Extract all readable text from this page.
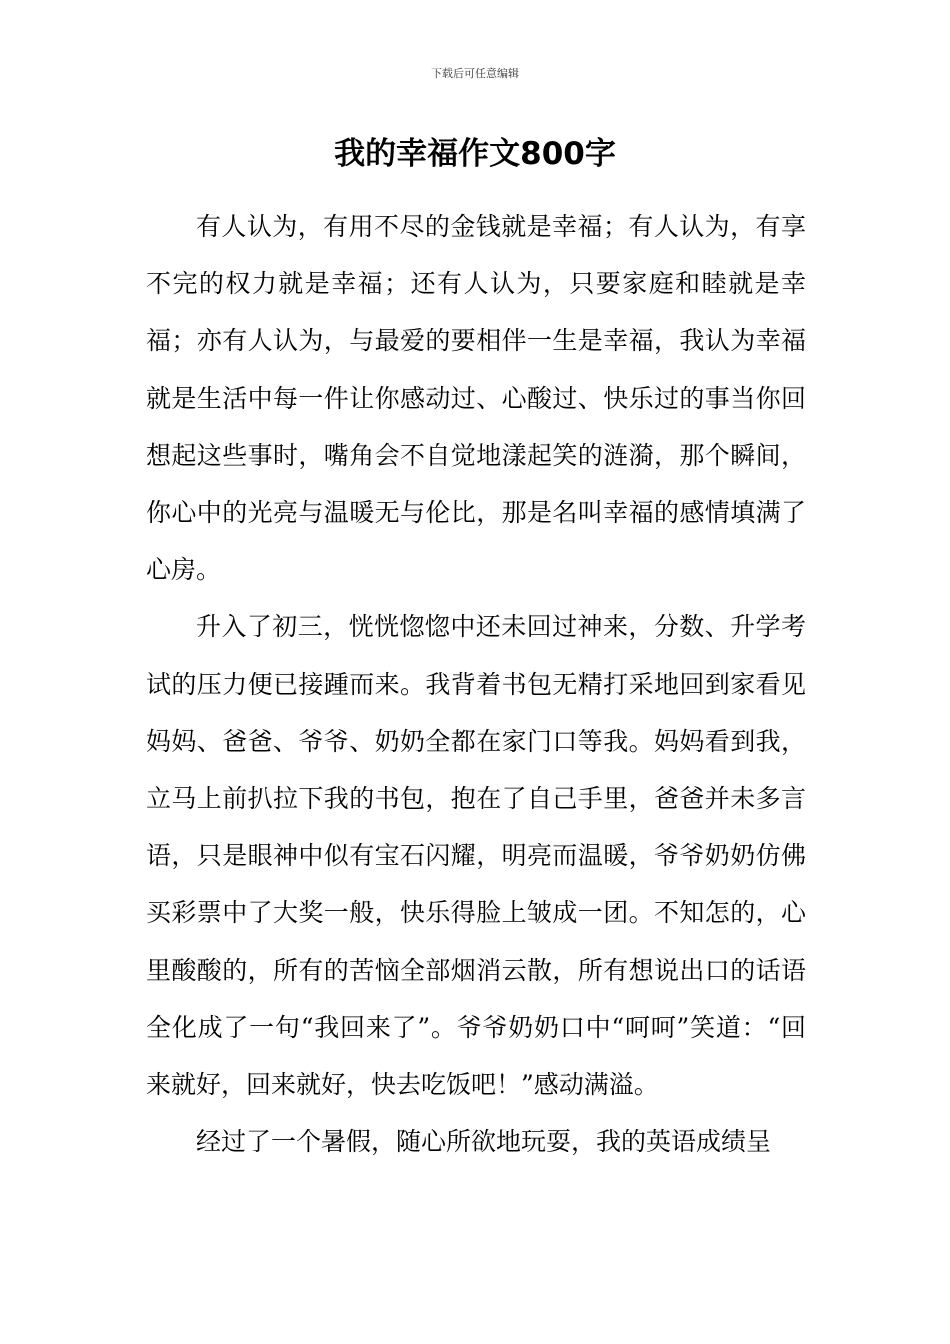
下载后可任意编辑
我的幸福作文800字

有人认为，有用不尽的金钱就是幸福；有人认为，有享不完的权力就是幸福；还有人认为，只要家庭和睦就是幸福；亦有人认为，与最爱的要相伴一生是幸福，我认为幸福就是生活中每一件让你感动过、心酸过、快乐过的事当你回想起这些事时，嘴角会不自觉地漾起笑的涟漪，那个瞬间，你心中的光亮与温暖无与伦比，那是名叫幸福的感情填满了心房。

升入了初三，恍恍惚惚中还未回过神来，分数、升学考试的压力便已接踵而来。我背着书包无精打采地回到家看见妈妈、爸爸、爷爷、奶奶全都在家门口等我。妈妈看到我，立马上前扒拉下我的书包，抱在了自己手里，爸爸并未多言语，只是眼神中似有宝石闪耀，明亮而温暖，爷爷奶奶仿佛买彩票中了大奖一般，快乐得脸上皱成一团。不知怎的，心里酸酸的，所有的苦恼全部烟消云散，所有想说出口的话语全化成了一句“我回来了”。爷爷奶奶口中“呵呵”笑道：“回来就好，回来就好，快去吃饭吧！”感动满溢。

经过了一个暑假，随心所欲地玩耍，我的英语成绩呈
